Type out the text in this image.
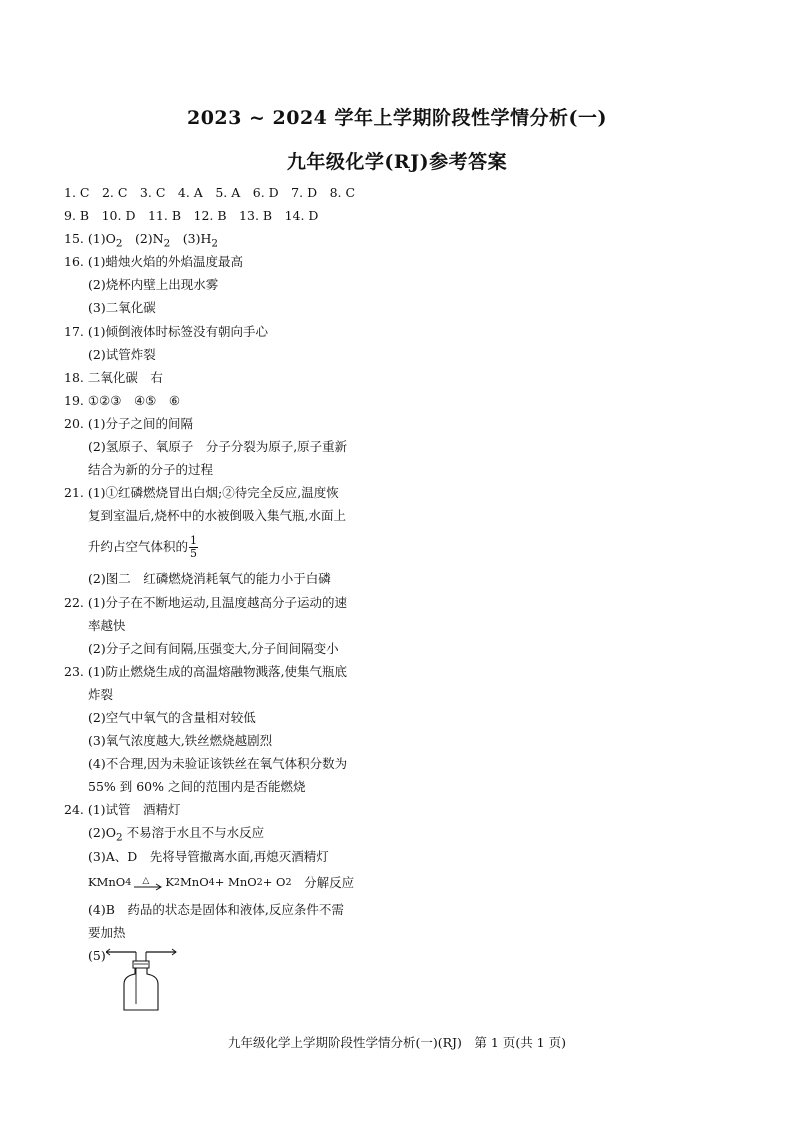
2023 ~ 2024 学年上学期阶段性学情分析(一)
九年级化学(RJ)参考答案
1. C　2. C　3. C　4. A　5. A　6. D　7. D　8. C
9. B　10. D　11. B　12. B　13. B　14. D
15. $(1)O_2$　$(2)N_2$　$(3)H_2$
16. (1)蜡烛火焰的外焰温度最高
(2)烧杯内壁上出现水雾
(3)二氧化碳
17. (1)倾倒液体时标签没有朝向手心
(2)试管炸裂
18. 二氧化碳　右
19. ①②③　④⑤　⑥
20. (1)分子之间的间隔
(2)氢原子、氧原子　分子分裂为原子,原子重新
结合为新的分子的过程
21. (1)①红磷燃烧冒出白烟;②待完全反应,温度恢
复到室温后,烧杯中的水被倒吸入集气瓶,水面上
升约占空气体积的 $\frac{1}{5}$
(2)图二　红磷燃烧消耗氧气的能力小于白磷
22. (1)分子在不断地运动,且温度越高分子运动的速
率越快
(2)分子之间有间隔,压强变大,分子间间隔变小
23. (1)防止燃烧生成的高温熔融物溅落,使集气瓶底
炸裂
(2)空气中氧气的含量相对较低
(3)氧气浓度越大,铁丝燃烧越剧烈
(4)不合理,因为未验证该铁丝在氧气体积分数为
55% 到 60% 之间的范围内是否能燃烧
24. (1)试管　酒精灯
$(2)O_2$ 不易溶于水且不与水反应
(3)A、D　先将导管撤离水面,再熄灭酒精灯
KMnO 4 △ K 2 MnO 4 + MnO 2 + O 2 　分解反应
(4)B　药品的状态是固体和液体,反应条件不需
要加热
(5)
九年级化学上学期阶段性学情分析(一)(RJ)　第 1 页(共 1 页)
